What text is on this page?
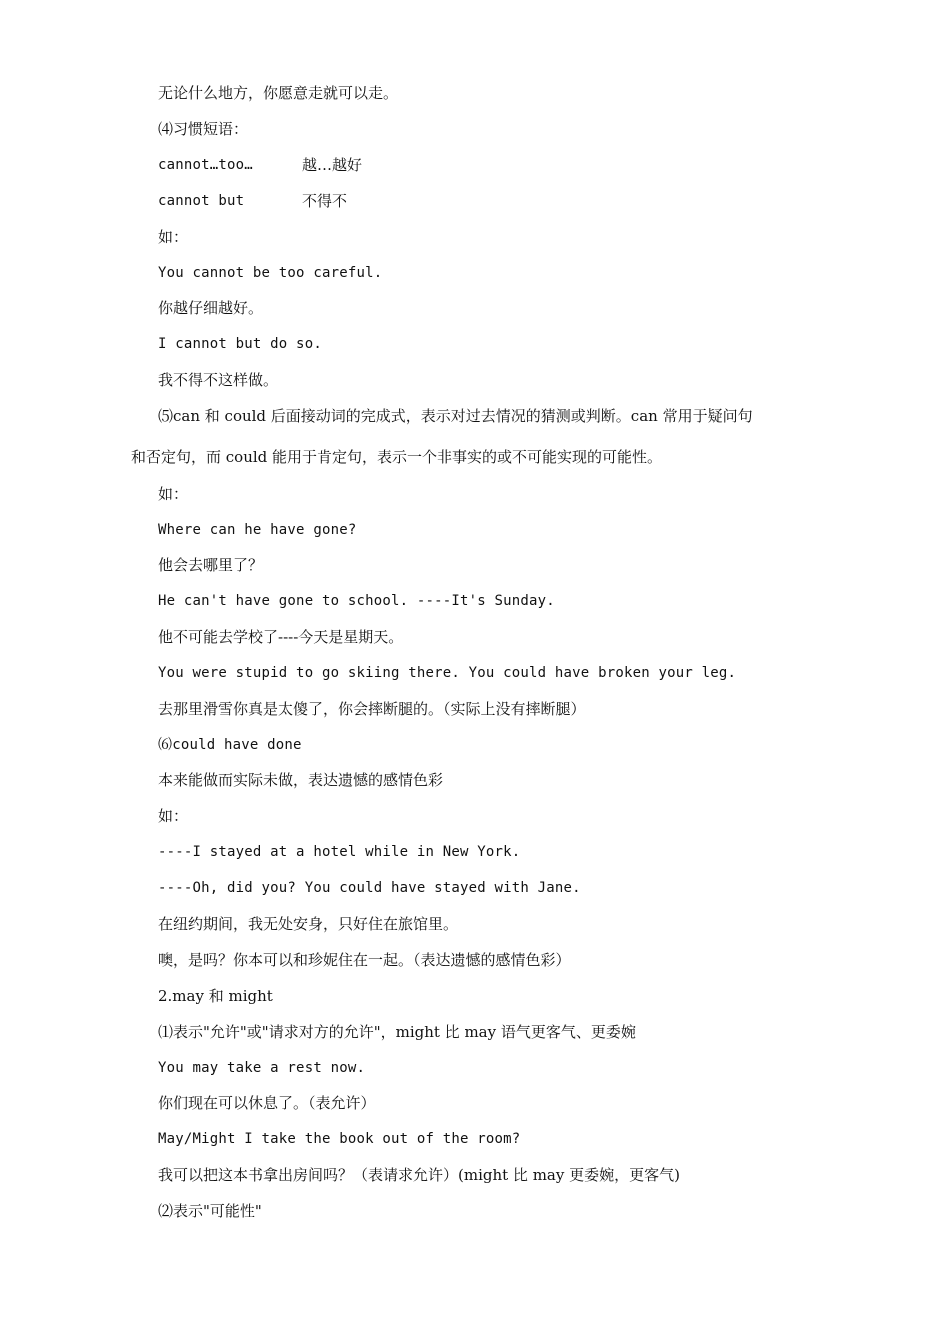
无论什么地方，你愿意走就可以走。
⑷习惯短语：
cannot…too…	越…越好
cannot but	不得不
如：
You cannot be too careful.
你越仔细越好。
I cannot but do so.
我不得不这样做。
⑸can 和 could 后面接动词的完成式，表示对过去情况的猜测或判断。can 常用于疑问句
和否定句，而 could 能用于肯定句，表示一个非事实的或不可能实现的可能性。
如：
Where can he have gone?
他会去哪里了？
He can't have gone to school. ----It's Sunday.
他不可能去学校了----今天是星期天。
You were stupid to go skiing there. You could have broken your leg.
去那里滑雪你真是太傻了，你会摔断腿的。（实际上没有摔断腿）
⑹could have done
本来能做而实际未做，表达遗憾的感情色彩
如：
----I stayed at a hotel while in New York.
----Oh, did you? You could have stayed with Jane.
在纽约期间，我无处安身，只好住在旅馆里。
噢，是吗？你本可以和珍妮住在一起。（表达遗憾的感情色彩）
2.may 和 might
⑴表示"允许"或"请求对方的允许"，might 比 may 语气更客气、更委婉
You may take a rest now.
你们现在可以休息了。（表允许）
May/Might I take the book out of the room?
我可以把这本书拿出房间吗？（表请求允许）(might 比 may 更委婉，更客气)
⑵表示"可能性"
